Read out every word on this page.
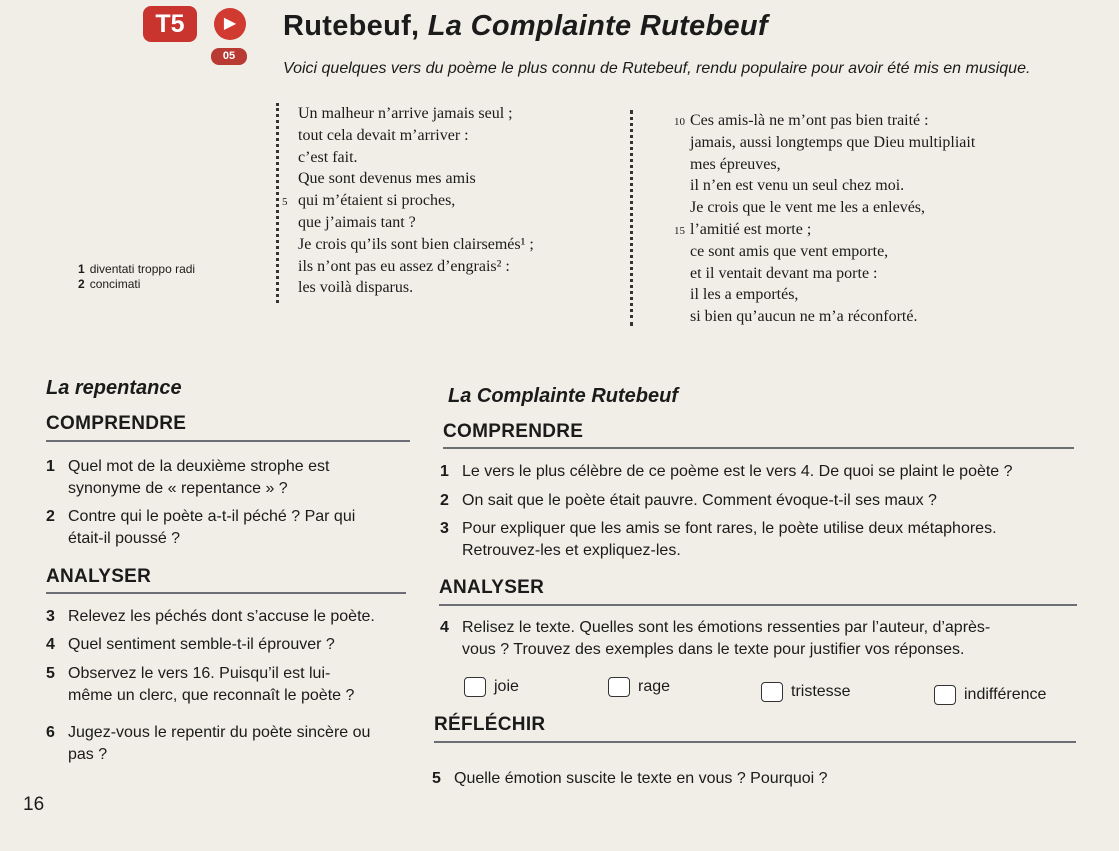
T5	▶
05
Rutebeuf, La Complainte Rutebeuf
Voici quelques vers du poème le plus connu de Rutebeuf, rendu populaire pour avoir été mis en musique.
Un malheur n’arrive jamais seul ;
tout cela devait m’arriver :
c’est fait.
Que sont devenus mes amis
5 qui m’étaient si proches,
que j’aimais tant ?
Je crois qu’ils sont bien clairsemés¹ ;
ils n’ont pas eu assez d’engrais² :
les voilà disparus.
10 Ces amis-là ne m’ont pas bien traité :
jamais, aussi longtemps que Dieu multipliait
mes épreuves,
il n’en est venu un seul chez moi.
Je crois que le vent me les a enlevés,
15 l’amitié est morte ;
ce sont amis que vent emporte,
et il ventait devant ma porte :
il les a emportés,
si bien qu’aucun ne m’a réconforté.
1 diventati troppo radi
2 concimati
La repentance
COMPRENDRE
1 Quel mot de la deuxième strophe est
synonyme de « repentance » ?
2 Contre qui le poète a-t-il péché ? Par qui
était-il poussé ?
ANALYSER
3 Relevez les péchés dont s’accuse le poète.
4 Quel sentiment semble-t-il éprouver ?
5 Observez le vers 16. Puisqu’il est lui-
même un clerc, que reconnaît le poète ?
6 Jugez-vous le repentir du poète sincère ou
pas ?
La Complainte Rutebeuf
COMPRENDRE
1 Le vers le plus célèbre de ce poème est le vers 4. De quoi se plaint le poète ?
2 On sait que le poète était pauvre. Comment évoque-t-il ses maux ?
3 Pour expliquer que les amis se font rares, le poète utilise deux métaphores.
Retrouvez-les et expliquez-les.
ANALYSER
4 Relisez le texte. Quelles sont les émotions ressenties par l’auteur, d’après-
vous ? Trouvez des exemples dans le texte pour justifier vos réponses.
joie	rage	tristesse	indifférence
RÉFLÉCHIR
5 Quelle émotion suscite le texte en vous ? Pourquoi ?
16
